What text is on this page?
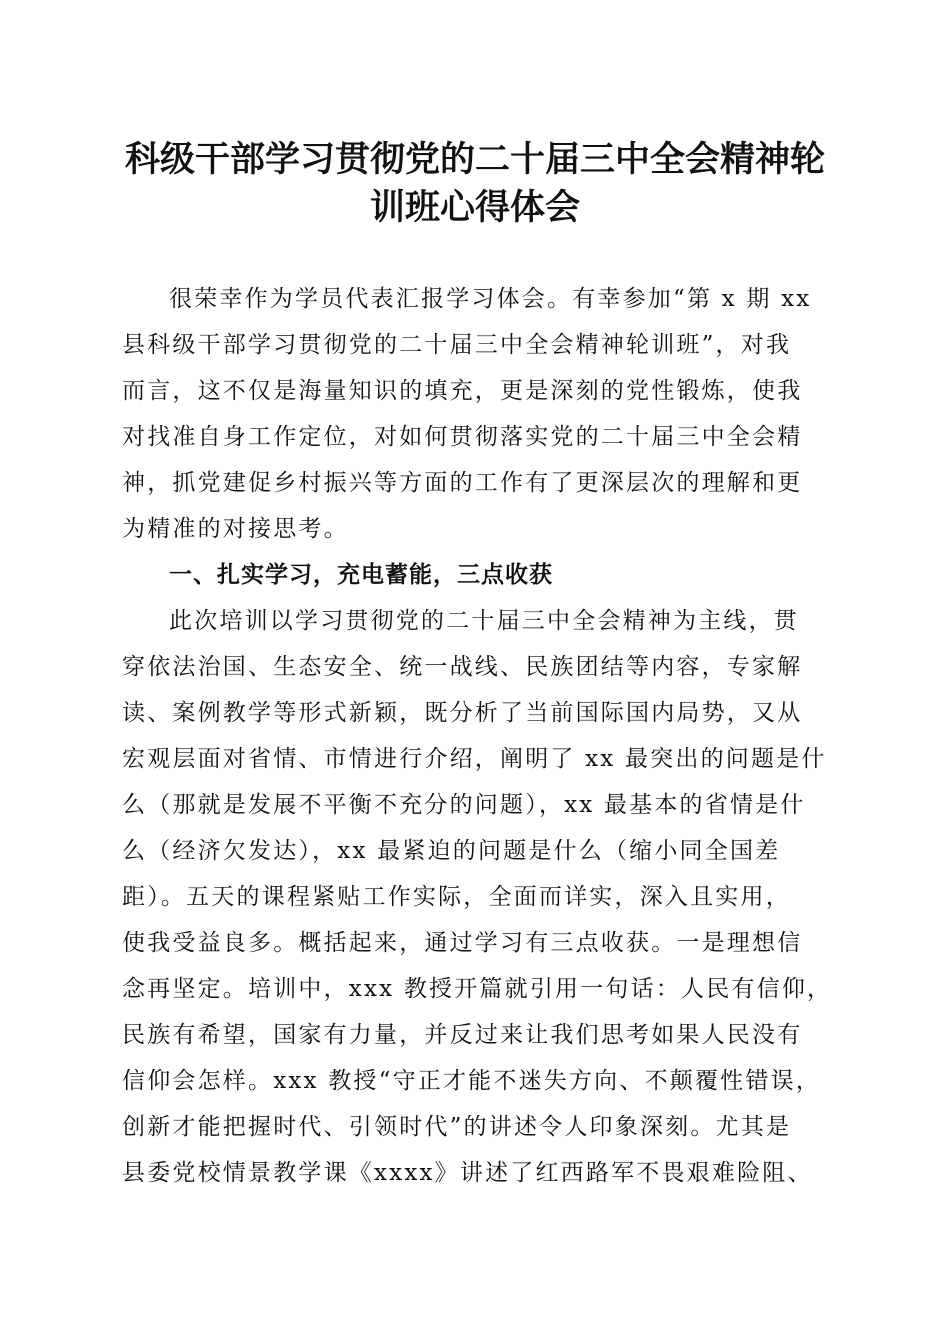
科级干部学习贯彻党的二十届三中全会精神轮
训班心得体会
很荣幸作为学员代表汇报学习体会。有幸参加“第 x 期 xx
县科级干部学习贯彻党的二十届三中全会精神轮训班”，对我
而言，这不仅是海量知识的填充，更是深刻的党性锻炼，使我
对找准自身工作定位，对如何贯彻落实党的二十届三中全会精
神，抓党建促乡村振兴等方面的工作有了更深层次的理解和更
为精准的对接思考。
一、扎实学习，充电蓄能，三点收获
此次培训以学习贯彻党的二十届三中全会精神为主线，贯
穿依法治国、生态安全、统一战线、民族团结等内容，专家解
读、案例教学等形式新颖，既分析了当前国际国内局势，又从
宏观层面对省情、市情进行介绍，阐明了 xx 最突出的问题是什
么（那就是发展不平衡不充分的问题），xx 最基本的省情是什
么（经济欠发达），xx 最紧迫的问题是什么（缩小同全国差
距）。五天的课程紧贴工作实际，全面而详实，深入且实用，
使我受益良多。概括起来，通过学习有三点收获。一是理想信
念再坚定。培训中，xxx 教授开篇就引用一句话：人民有信仰，
民族有希望，国家有力量，并反过来让我们思考如果人民没有
信仰会怎样。xxx 教授“守正才能不迷失方向、不颠覆性错误，
创新才能把握时代、引领时代”的讲述令人印象深刻。尤其是
县委党校情景教学课《xxxx》讲述了红西路军不畏艰难险阻、
